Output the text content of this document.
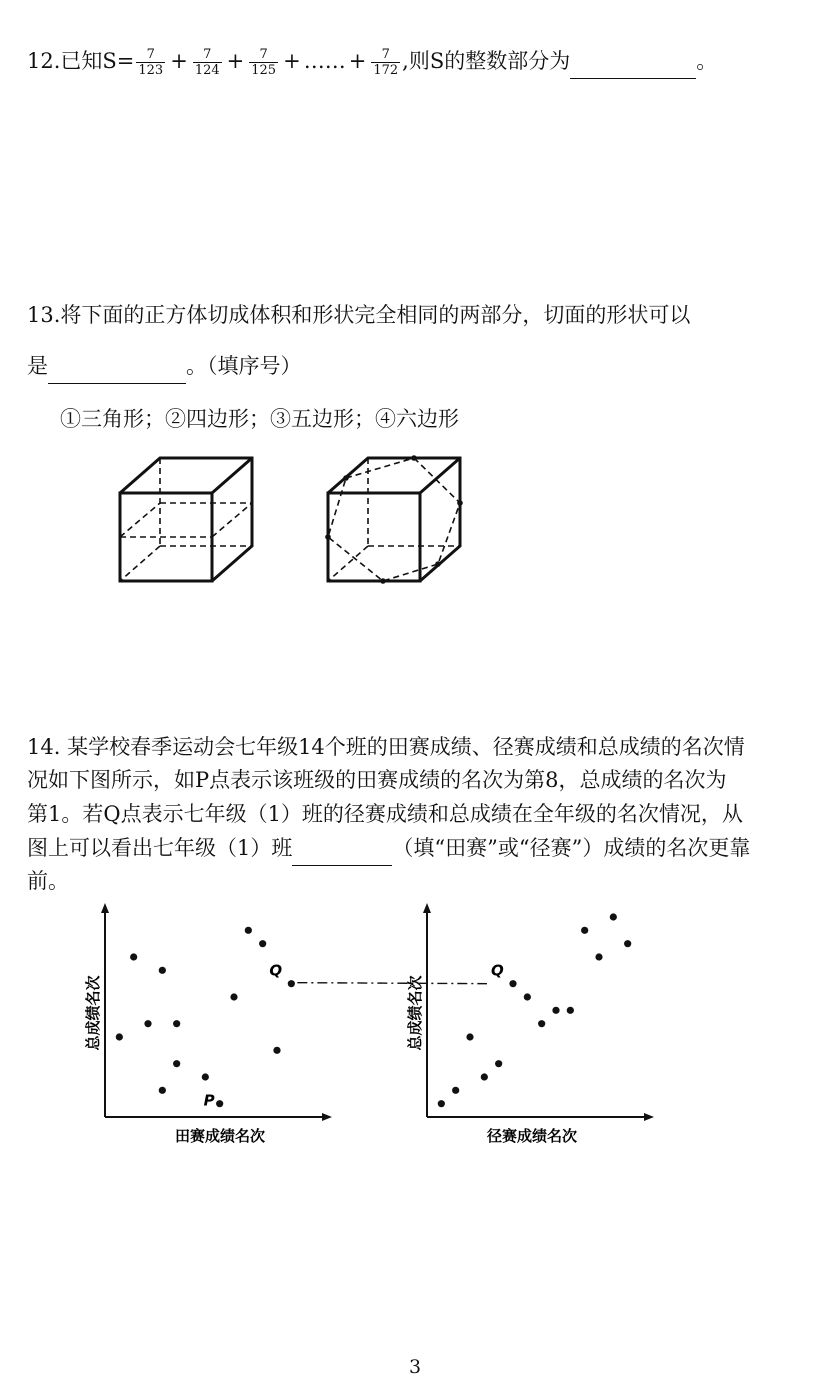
12.已知$S= \frac{7}{123} + \frac{7}{124} + \frac{7}{125}$ + …… + $\frac{7}{172}$ ,则S的整数部分为	。
13.将下面的正方体切成体积和形状完全相同的两部分，切面的形状可以
是	。（填序号）
①三角形；②四边形；③五边形；④六边形
14. 某学校春季运动会七年级14个班的田赛成绩、径赛成绩和总成绩的名次情
况如下图所示，如P点表示该班级的田赛成绩的名次为第8，总成绩的名次为
第1。若Q点表示七年级（1）班的径赛成绩和总成绩在全年级的名次情况，从
图上可以看出七年级（1）班	（填“田赛”或“径赛”）成绩的名次更靠
前。
总成绩名次
田赛成绩名次
P
Q
总成绩名次
径赛成绩名次
Q
3
